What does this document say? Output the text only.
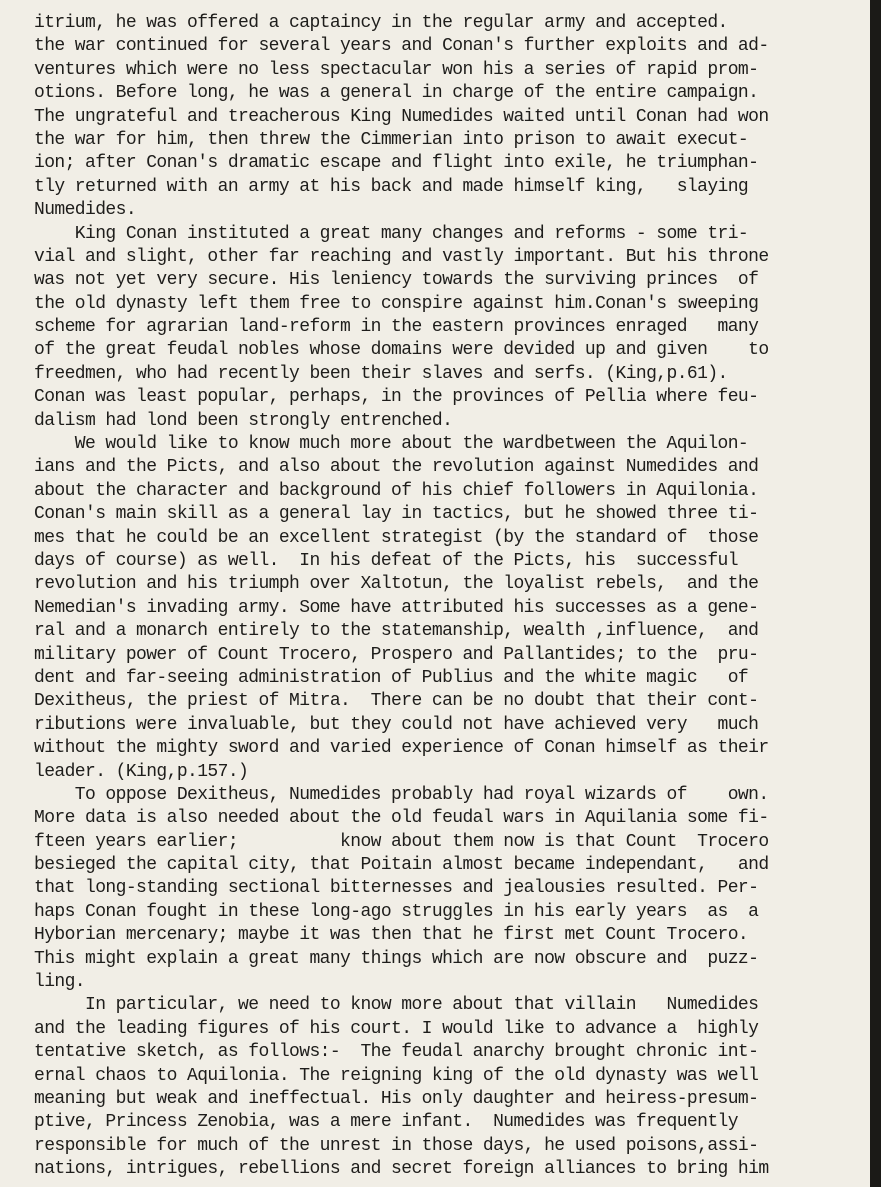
itrium, he was offered a captaincy in the regular army and accepted.
the war continued for several years and Conan's further exploits and ad-
ventures which were no less spectacular won his a series of rapid prom-
otions. Before long, he was a general in charge of the entire campaign.
The ungrateful and treacherous King Numedides waited until Conan had won
the war for him, then threw the Cimmerian into prison to await execut-
ion; after Conan's dramatic escape and flight into exile, he triumphan-
tly returned with an army at his back and made himself king,   slaying
Numedides.
King Conan instituted a great many changes and reforms - some tri-
vial and slight, other far reaching and vastly important. But his throne
was not yet very secure. His leniency towards the surviving princes  of
the old dynasty left them free to conspire against him.Conan's sweeping
scheme for agrarian land-reform in the eastern provinces enraged   many
of the great feudal nobles whose domains were devided up and given    to
freedmen, who had recently been their slaves and serfs. (King,p.61).
Conan was least popular, perhaps, in the provinces of Pellia where feu-
dalism had lond been strongly entrenched.
We would like to know much more about the wardbetween the Aquilon-
ians and the Picts, and also about the revolution against Numedides and
about the character and background of his chief followers in Aquilonia.
Conan's main skill as a general lay in tactics, but he showed three ti-
mes that he could be an excellent strategist (by the standard of  those
days of course) as well.  In his defeat of the Picts, his  successful
revolution and his triumph over Xaltotun, the loyalist rebels,  and the
Nemedian's invading army. Some have attributed his successes as a gene-
ral and a monarch entirely to the statemanship, wealth ,influence,  and
military power of Count Trocero, Prospero and Pallantides; to the  pru-
dent and far-seeing administration of Publius and the white magic   of
Dexitheus, the priest of Mitra.  There can be no doubt that their cont-
ributions were invaluable, but they could not have achieved very   much
without the mighty sword and varied experience of Conan himself as their
leader. (King,p.157.)
To oppose Dexitheus, Numedides probably had royal wizards of    own.
More data is also needed about the old feudal wars in Aquilania some fi-
fteen years earlier;          know about them now is that Count  Trocero
besieged the capital city, that Poitain almost became independant,   and
that long-standing sectional bitternesses and jealousies resulted. Per-
haps Conan fought in these long-ago struggles in his early years  as  a
Hyborian mercenary; maybe it was then that he first met Count Trocero.
This might explain a great many things which are now obscure and  puzz-
ling.
In particular, we need to know more about that villain   Numedides
and the leading figures of his court. I would like to advance a  highly
tentative sketch, as follows:-  The feudal anarchy brought chronic int-
ernal chaos to Aquilonia. The reigning king of the old dynasty was well
meaning but weak and ineffectual. His only daughter and heiress-presum-
ptive, Princess Zenobia, was a mere infant.  Numedides was frequently
responsible for much of the unrest in those days, he used poisons,assi-
nations, intrigues, rebellions and secret foreign alliances to bring him
